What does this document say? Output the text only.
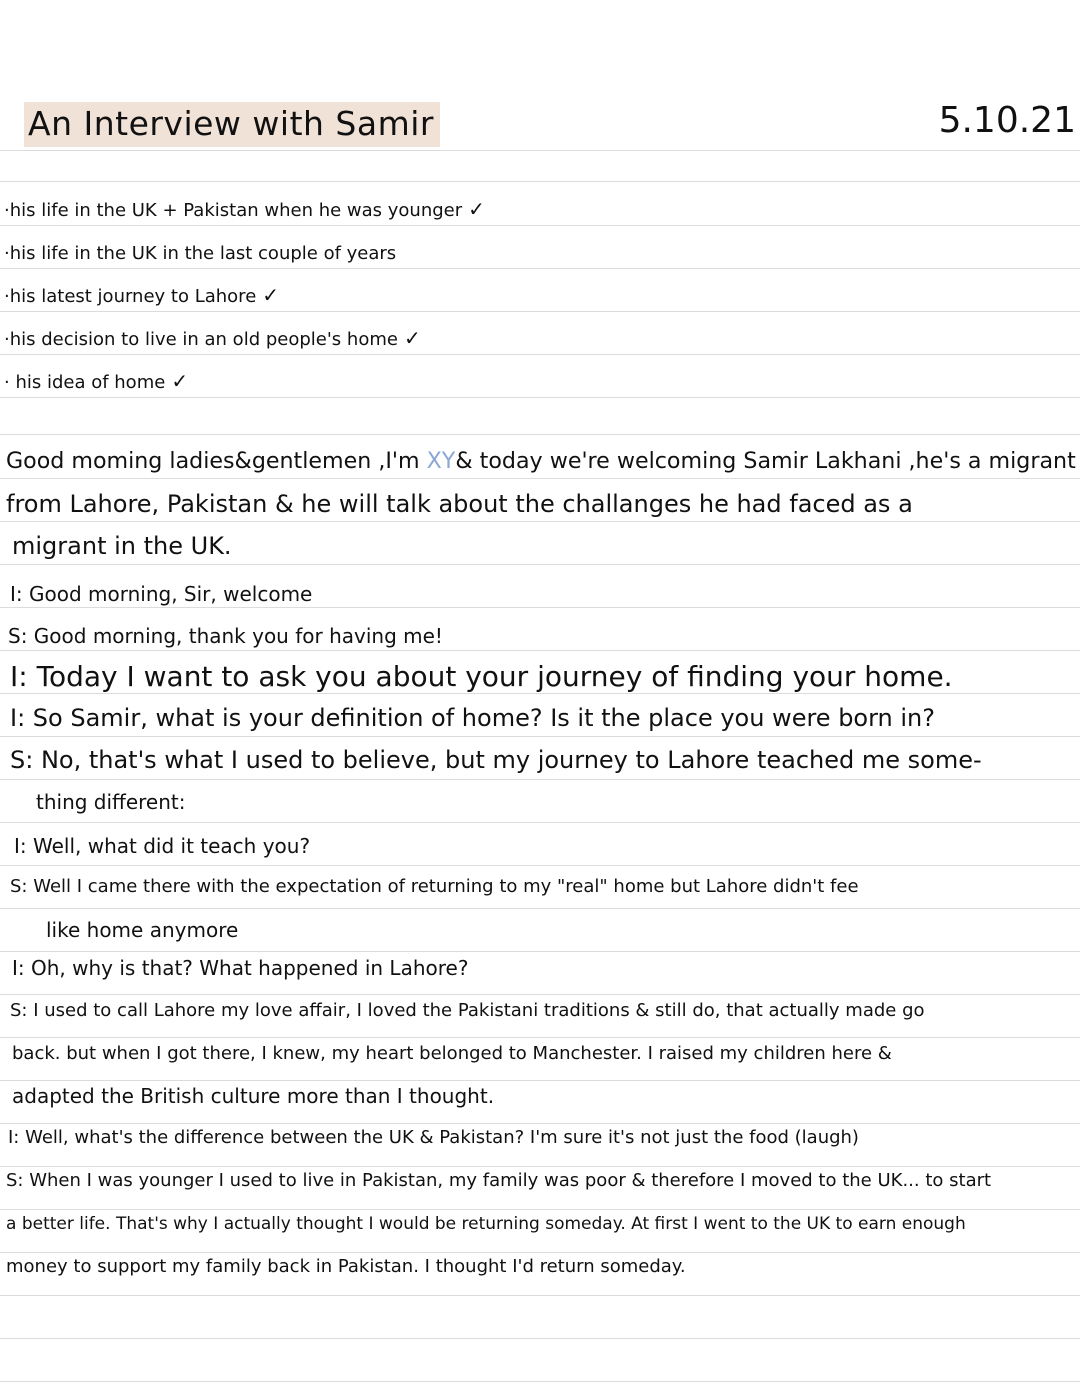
An Interview with Samir	5.10.21
·his life in the UK + Pakistan when he was younger ✓
·his life in the UK in the last couple of years
·his latest journey to Lahore ✓
·his decision to live in an old people's home ✓
· his idea of home ✓
Good moming ladies&gentlemen ,I'm XY& today we're welcoming Samir Lakhani ,he's a migrant
from Lahore, Pakistan & he will talk about the challanges he had faced as a
migrant in the UK.
I: Good morning, Sir, welcome
S: Good morning, thank you for having me!
I: Today I want to ask you about your journey of finding your home.
I: So Samir, what is your definition of home? Is it the place you were born in?
S: No, that's what I used to believe, but my journey to Lahore teached me some-
thing different:
I: Well, what did it teach you?
S: Well I came there with the expectation of returning to my "real" home but Lahore didn't fee
like home anymore
I: Oh, why is that? What happened in Lahore?
S: I used to call Lahore my love affair, I loved the Pakistani traditions & still do, that actually made go
back. but when I got there, I knew, my heart belonged to Manchester. I raised my children here &
adapted the British culture more than I thought.
I: Well, what's the difference between the UK & Pakistan? I'm sure it's not just the food (laugh)
S: When I was younger I used to live in Pakistan, my family was poor & therefore I moved to the UK... to start
a better life. That's why I actually thought I would be returning someday. At first I went to the UK to earn enough
money to support my family back in Pakistan. I thought I'd return someday.
